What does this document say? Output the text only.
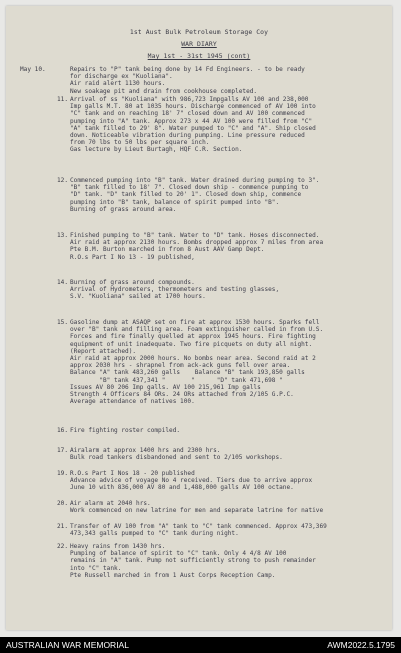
1st Aust Bulk Petroleum Storage Coy
WAR DIARY
May 1st - 31st 1945 (cont)
May 10.	Repairs to "P" tank being done by 14 Fd Engineers. - to be ready
for discharge ex "Kuoliana".
Air raid alert 1130 hours.
New soakage pit and drain from cookhouse completed.
11. Arrival of ss "Kuoliana" with 986,723 Impgalls AV 100 and 238,000
Imp galls M.T. 80 at 1035 hours. Discharge commenced of AV 100 into
"C" tank and on reaching 18' 7" closed down and AV 100 commenced
pumping into "A" tank. Approx 273 x 44 AV 100 were filled from "C"
"A" tank filled to 29' 8". Water pumped to "C" and "A". Ship closed
down. Noticeable vibration during pumping. Line pressure reduced
from 70 lbs to 50 lbs per square inch.
Gas lecture by Lieut Burtagh, HQF C.R. Section.
12. Commenced pumping into "B" tank. Water drained during pumping to 3".
"B" tank filled to 18' 7". Closed down ship - commence pumping to
"D" tank. "D" tank filled to 20' 1". Closed down ship, commence
pumping into "B" tank, balance of spirit pumped into "B".
Burning of grass around area.
13. Finished pumping to "B" tank. Water to "D" tank. Hoses disconnected.
Air raid at approx 2130 hours. Bombs dropped approx 7 miles from area
Pte B.M. Burton marched in from 8 Aust AAV Gamp Dept.
R.O.s Part I No 13 - 19 published,
14. Burning of grass around compounds.
Arrival of Hydrometers, thermometers and testing glasses,
S.V. "Kuoliana" sailed at 1700 hours.
15. Gasoline dump at ASAQP set on fire at approx 1530 hours. Sparks fell
over "B" tank and filling area. Foam extinguisher called in from U.S.
Forces and fire finally quelled at approx 1945 hours. Fire fighting
equipment of unit inadequate. Two fire picquets on duty all night.
(Report attached).
Air raid at approx 2000 hours. No bombs near area. Second raid at 2
approx 2030 hrs - shrapnel from ack-ack guns fell over area.
Balance "A" tank 483,260 galls    Balance "B" tank 193,850 galls
"B" tank 437,341 "       "      "D" tank 471,698 "
Issues AV 80 206 Imp galls. AV 100 215,961 Imp galls
Strength 4 Officers 84 ORs. 24 ORs attached from 2/105 G.P.C.
Average attendance of natives 100.
16. Fire fighting roster compiled.
17. Airalarm at approx 1400 hrs and 2300 hrs.
Bulk road tankers disbandoned and sent to 2/105 workshops.
19. R.O.s Part I Nos 18 - 20 published
Advance advice of voyage No 4 received. Tiers due to arrive approx
June 10 with 836,000 AV 80 and 1,488,000 galls AV 100 octane.
20. Air alarm at 2040 hrs.
Work commenced on new latrine for men and separate latrine for native
21. Transfer of AV 100 from "A" tank to "C" tank commenced. Approx 473,369
473,343 galls pumped to "C" tank during night.
22. Heavy rains from 1430 hrs.
Pumping of balance of spirit to "C" tank. Only 4 4/8 AV 100
remains in "A" tank. Pump not sufficiently strong to push remainder
into "C" tank.
Pte Russell marched in from 1 Aust Corps Reception Camp.
AUSTRALIAN WAR MEMORIAL	AWM2022.5.1795
